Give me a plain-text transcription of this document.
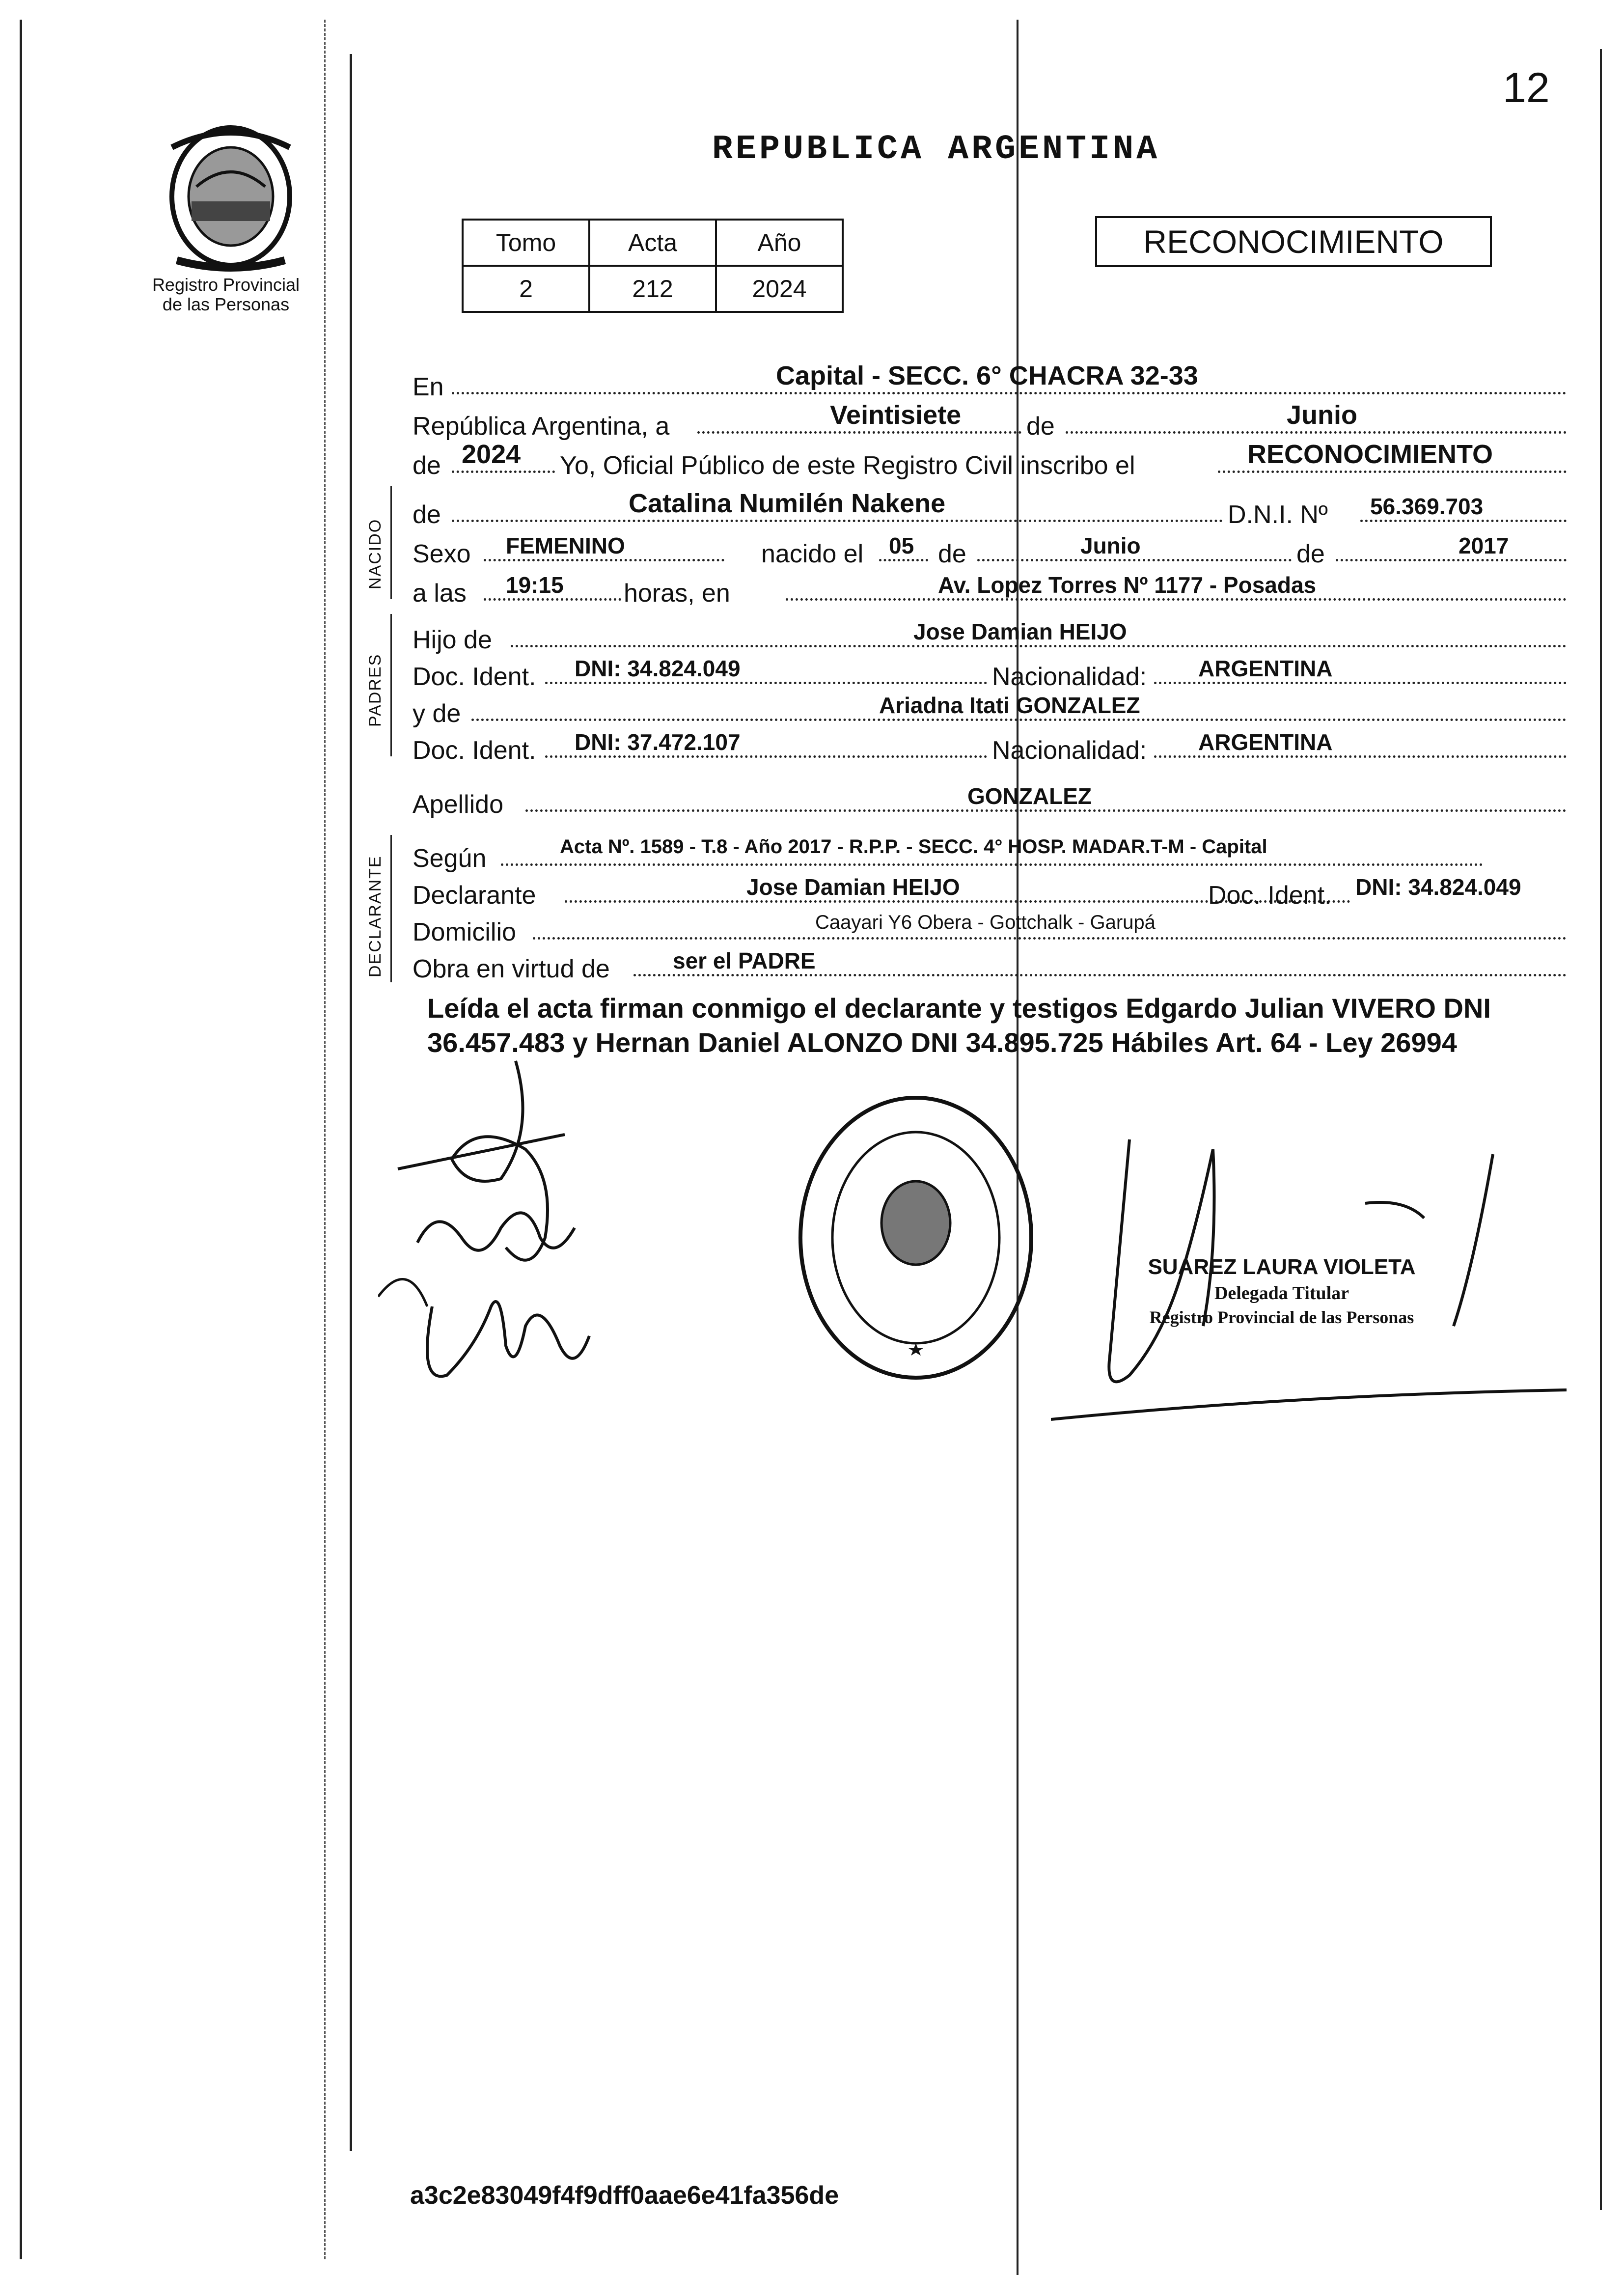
12
Registro Provincial
de las Personas
REPUBLICA ARGENTINA
Tomo	Acta	Año
2	212	2024
RECONOCIMIENTO
En	Capital - SECC. 6° CHACRA 32-33
República Argentina, a	Veintisiete	de	Junio
de 2024 Yo, Oficial Público de este Registro Civil inscribo el	RECONOCIMIENTO
NACIDO
de	Catalina Numilén Nakene	D.N.I. Nº 56.369.703
Sexo FEMENINO	nacido el 05 de	Junio	de	2017
a las 19:15 horas, en	Av. Lopez Torres Nº 1177 - Posadas
PADRES
Hijo de	Jose Damian HEIJO
Doc. Ident. DNI: 34.824.049	Nacionalidad: ARGENTINA
y de	Ariadna Itati GONZALEZ
Doc. Ident. DNI: 37.472.107	Nacionalidad: ARGENTINA
Apellido	GONZALEZ
DECLARANTE Según	Acta Nº. 1589 - T.8 - Año 2017 - R.P.P. - SECC. 4° HOSP. MADAR.T-M - Capital
Declarante	Jose Damian HEIJO	Doc. Ident. DNI: 34.824.049
Domicilio	Caayari Y6 Obera - Gottchalk - Garupá
Obra en virtud de	ser el PADRE
Leída el acta firman conmigo el declarante y testigos Edgardo Julian VIVERO DNI 36.457.483 y Hernan Daniel ALONZO DNI 34.895.725 Hábiles Art. 64 - Ley 26994
SUAREZ LAURA VIOLETA
Delegada Titular
Registro Provincial de las Personas
a3c2e83049f4f9dff0aae6e41fa356de
